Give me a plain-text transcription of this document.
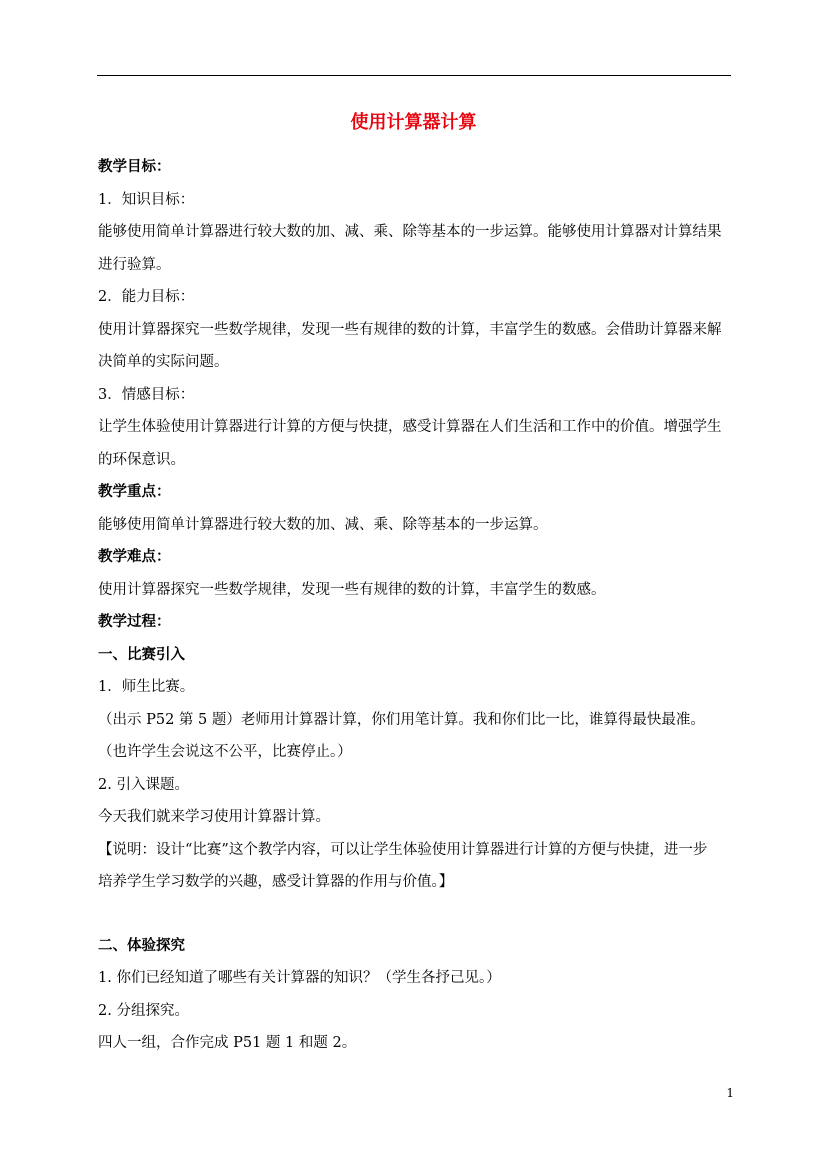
使用计算器计算

教学目标：

1．知识目标：

能够使用简单计算器进行较大数的加、减、乘、除等基本的一步运算。能够使用计算器对计算结果

进行验算。

2．能力目标：

使用计算器探究一些数学规律，发现一些有规律的数的计算，丰富学生的数感。会借助计算器来解

决简单的实际问题。

3．情感目标：

让学生体验使用计算器进行计算的方便与快捷，感受计算器在人们生活和工作中的价值。增强学生

的环保意识。

教学重点：

能够使用简单计算器进行较大数的加、减、乘、除等基本的一步运算。

教学难点：

使用计算器探究一些数学规律，发现一些有规律的数的计算，丰富学生的数感。

教学过程：

一、比赛引入

1．师生比赛。

（出示 P52 第 5 题）老师用计算器计算，你们用笔计算。我和你们比一比，谁算得最快最准。

（也许学生会说这不公平，比赛停止。）

2. 引入课题。

今天我们就来学习使用计算器计算。

【说明：设计“比赛”这个教学内容，可以让学生体验使用计算器进行计算的方便与快捷，进一步

培养学生学习数学的兴趣，感受计算器的作用与价值。】

二、体验探究

1. 你们已经知道了哪些有关计算器的知识？（学生各抒己见。）

2. 分组探究。

四人一组，合作完成 P51 题 1 和题 2。

1
